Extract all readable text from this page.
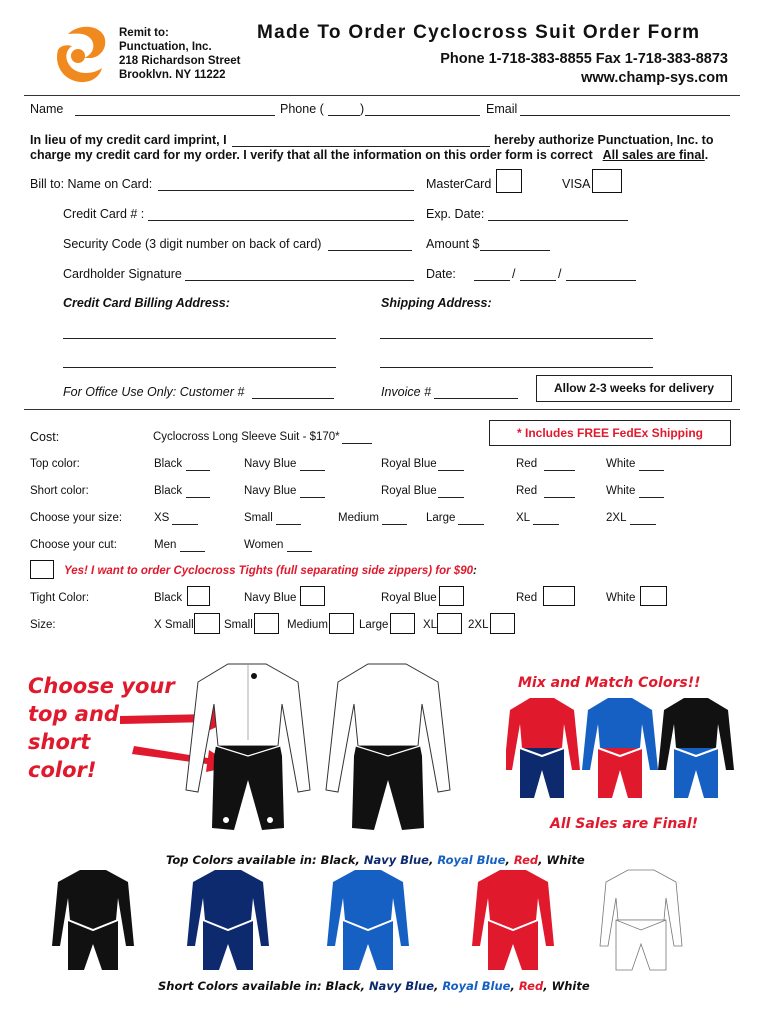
Remit to:
Punctuation, Inc.
218 Richardson Street
Brooklvn. NY 11222
Made To Order Cyclocross Suit Order Form
Phone 1-718-383-8855 Fax 1-718-383-8873
www.champ-sys.com
Name	Phone (	)	Email
In lieu of my credit card imprint, I	hereby authorize Punctuation, Inc. to
charge my credit card for my order. I verify that all the information on this order form is correct All sales are final.
Bill to: Name on Card:	MasterCard	VISA
Credit Card # :	Exp. Date:
Security Code (3 digit number on back of card)	Amount $
Cardholder Signature	Date:	/	/
Credit Card Billing Address:	Shipping Address:
For Office Use Only: Customer #	Invoice #	Allow 2-3 weeks for delivery
Cost:	Cyclocross Long Sleeve Suit - $170*	* Includes FREE FedEx Shipping
Top color:	Black	Navy Blue	Royal Blue	Red	White
Short color:	Black	Navy Blue	Royal Blue	Red	White
Choose your size:	XS	Small	Medium	Large	XL	2XL
Choose your cut:	Men	Women
Yes! I want to order Cyclocross Tights (full separating side zippers) for $90:
Tight Color:	Black	Navy Blue	Royal Blue	Red	White
Size:	X Small	Small	Medium	Large	XL	2XL
Choose your
top and
short
color!
Mix and Match Colors!!
All Sales are Final!
Top Colors available in: Black, Navy Blue, Royal Blue, Red, White
Short Colors available in: Black, Navy Blue, Royal Blue, Red, White
